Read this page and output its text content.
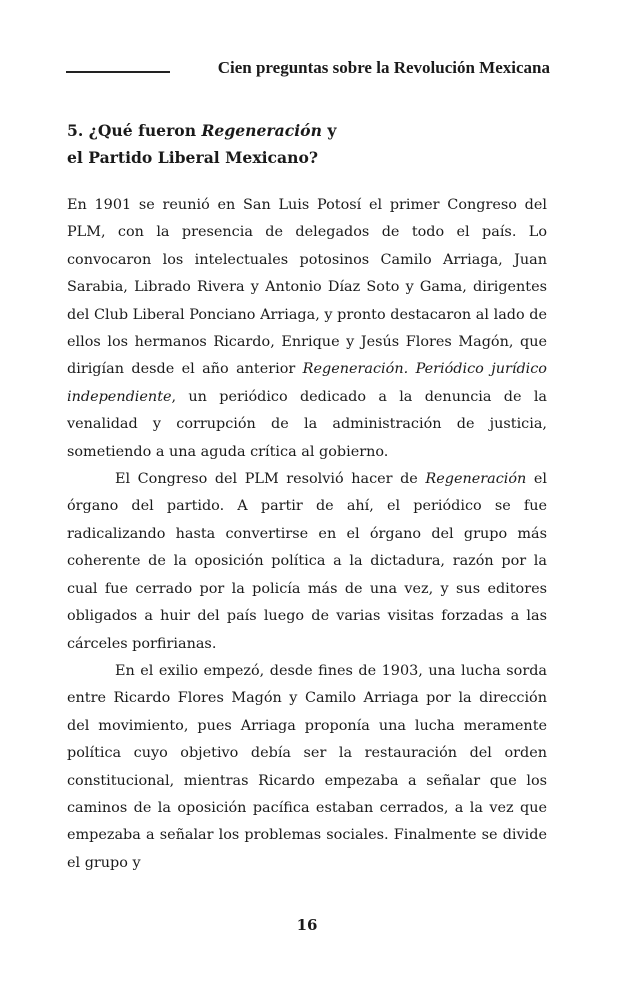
Cien preguntas sobre la Revolución Mexicana
5. ¿Qué fueron Regeneración y
el Partido Liberal Mexicano?

En 1901 se reunió en San Luis Potosí el primer Congreso del PLM, con la presencia de delegados de todo el país. Lo convocaron los intelectuales potosinos Camilo Arriaga, Juan Sarabia, Librado Rivera y Antonio Díaz Soto y Gama, dirigentes del Club Liberal Ponciano Arriaga, y pronto destacaron al lado de ellos los hermanos Ricardo, Enrique y Jesús Flores Magón, que dirigían desde el año anterior Regeneración. Periódico jurídico independiente, un periódico dedicado a la denuncia de la venalidad y corrupción de la administración de justicia, sometiendo a una aguda crítica al gobierno.

El Congreso del PLM resolvió hacer de Regeneración el órgano del partido. A partir de ahí, el periódico se fue radicalizando hasta convertirse en el órgano del grupo más coherente de la oposición política a la dictadura, razón por la cual fue cerrado por la policía más de una vez, y sus editores obligados a huir del país luego de varias visitas forzadas a las cárceles porfirianas.

En el exilio empezó, desde fines de 1903, una lucha sorda entre Ricardo Flores Magón y Camilo Arriaga por la dirección del movimiento, pues Arriaga proponía una lucha meramente política cuyo objetivo debía ser la restauración del orden constitucional, mientras Ricardo empezaba a señalar que los caminos de la oposición pacífica estaban cerrados, a la vez que empezaba a señalar los problemas sociales. Finalmente se divide el grupo y

16
